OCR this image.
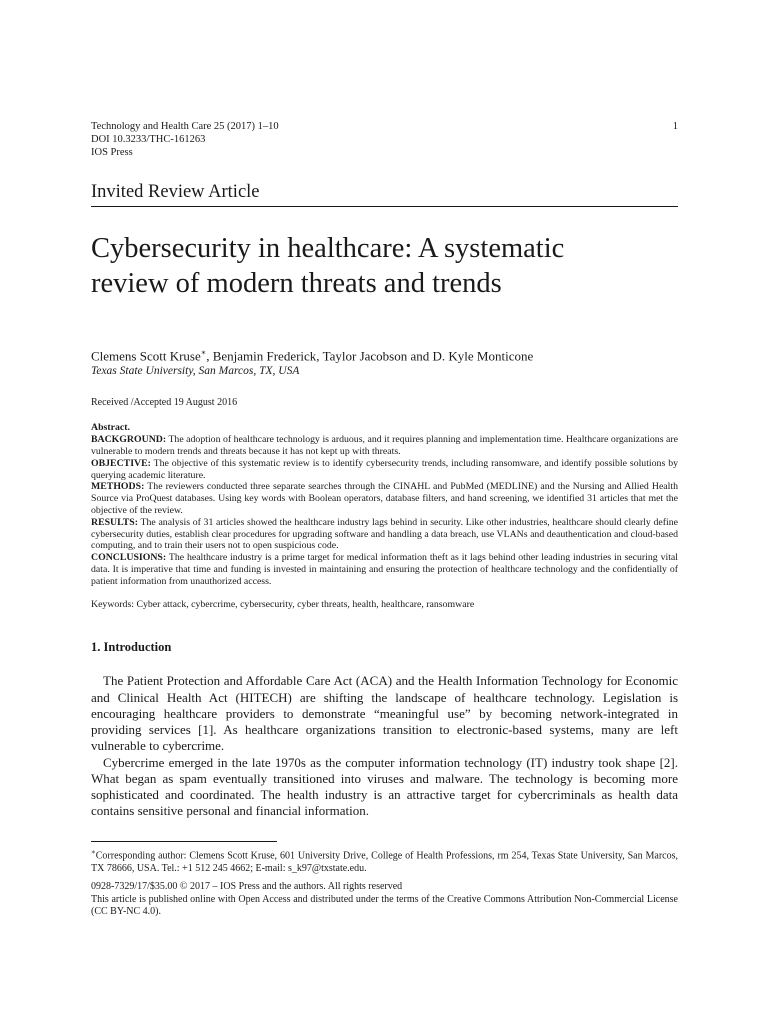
Technology and Health Care 25 (2017) 1–10
DOI 10.3233/THC-161263
IOS Press
1
Invited Review Article
Cybersecurity in healthcare: A systematic
review of modern threats and trends
Clemens Scott Kruse∗, Benjamin Frederick, Taylor Jacobson and D. Kyle Monticone
Texas State University, San Marcos, TX, USA
Received /Accepted 19 August 2016
Abstract.

BACKGROUND: The adoption of healthcare technology is arduous, and it requires planning and implementation time. Healthcare organizations are vulnerable to modern trends and threats because it has not kept up with threats.

OBJECTIVE: The objective of this systematic review is to identify cybersecurity trends, including ransomware, and identify possible solutions by querying academic literature.

METHODS: The reviewers conducted three separate searches through the CINAHL and PubMed (MEDLINE) and the Nursing and Allied Health Source via ProQuest databases. Using key words with Boolean operators, database filters, and hand screening, we identified 31 articles that met the objective of the review.

RESULTS: The analysis of 31 articles showed the healthcare industry lags behind in security. Like other industries, healthcare should clearly define cybersecurity duties, establish clear procedures for upgrading software and handling a data breach, use VLANs and deauthentication and cloud-based computing, and to train their users not to open suspicious code.

CONCLUSIONS: The healthcare industry is a prime target for medical information theft as it lags behind other leading industries in securing vital data. It is imperative that time and funding is invested in maintaining and ensuring the protection of healthcare technology and the confidentially of patient information from unauthorized access.

Keywords: Cyber attack, cybercrime, cybersecurity, cyber threats, health, healthcare, ransomware
1. Introduction

The Patient Protection and Affordable Care Act (ACA) and the Health Information Technology for Economic and Clinical Health Act (HITECH) are shifting the landscape of healthcare technology. Legislation is encouraging healthcare providers to demonstrate “meaningful use” by becoming network-integrated in providing services [1]. As healthcare organizations transition to electronic-based systems, many are left vulnerable to cybercrime.

Cybercrime emerged in the late 1970s as the computer information technology (IT) industry took shape [2]. What began as spam eventually transitioned into viruses and malware. The technology is becoming more sophisticated and coordinated. The health industry is an attractive target for cybercriminals as health data contains sensitive personal and financial information.

∗Corresponding author: Clemens Scott Kruse, 601 University Drive, College of Health Professions, rm 254, Texas State University, San Marcos, TX 78666, USA. Tel.: +1 512 245 4662; E-mail: s_k97@txstate.edu.
0928-7329/17/$35.00 © 2017 – IOS Press and the authors. All rights reserved
This article is published online with Open Access and distributed under the terms of the Creative Commons Attribution Non-Commercial License (CC BY-NC 4.0).
